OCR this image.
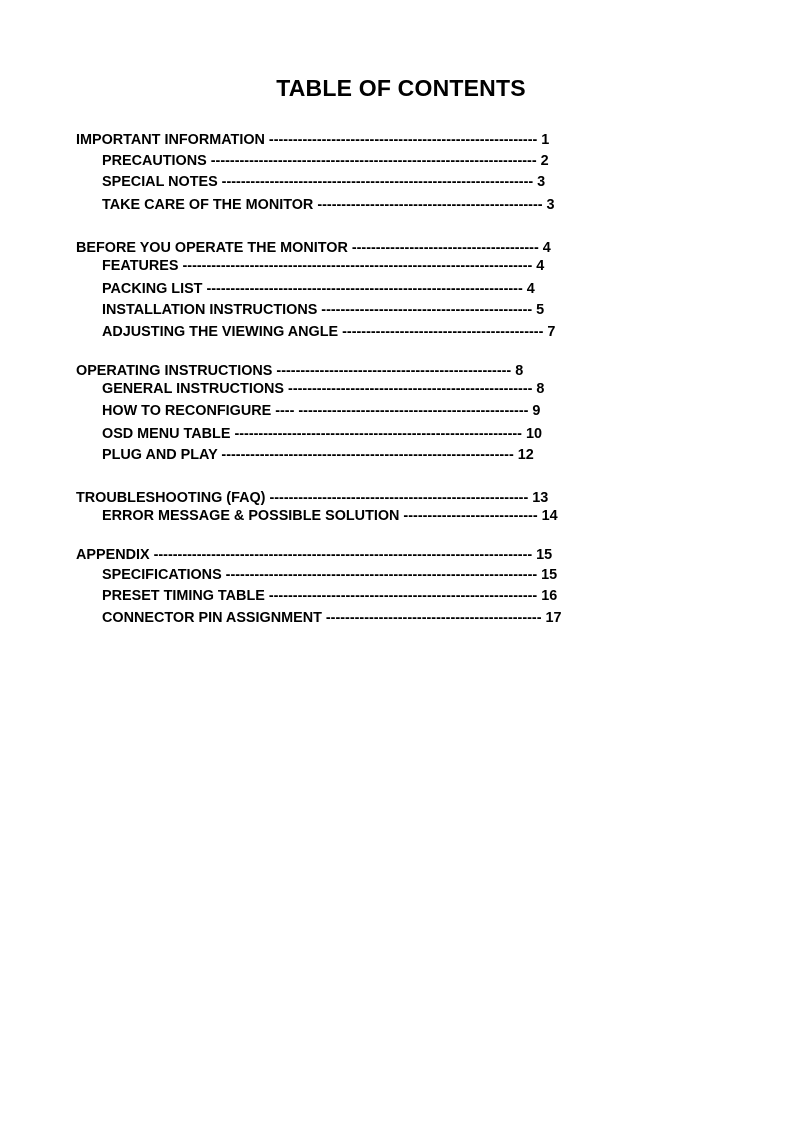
TABLE OF CONTENTS
IMPORTANT INFORMATION -------------------------------------------------------- 1
PRECAUTIONS -------------------------------------------------------------------- 2
SPECIAL NOTES ----------------------------------------------------------------- 3
TAKE CARE OF THE MONITOR ----------------------------------------------- 3
BEFORE YOU OPERATE THE MONITOR --------------------------------------- 4
FEATURES ------------------------------------------------------------------------- 4
PACKING LIST ------------------------------------------------------------------ 4
INSTALLATION INSTRUCTIONS -------------------------------------------- 5
ADJUSTING THE VIEWING ANGLE ------------------------------------------ 7
OPERATING INSTRUCTIONS ------------------------------------------------- 8
GENERAL INSTRUCTIONS --------------------------------------------------- 8
HOW TO RECONFIGURE ---- ------------------------------------------------ 9
OSD MENU TABLE ------------------------------------------------------------ 10
PLUG AND PLAY ------------------------------------------------------------- 12
TROUBLESHOOTING (FAQ) ------------------------------------------------------ 13
ERROR MESSAGE & POSSIBLE SOLUTION ---------------------------- 14
APPENDIX ------------------------------------------------------------------------------- 15
SPECIFICATIONS ----------------------------------------------------------------- 15
PRESET TIMING TABLE -------------------------------------------------------- 16
CONNECTOR PIN ASSIGNMENT --------------------------------------------- 17
